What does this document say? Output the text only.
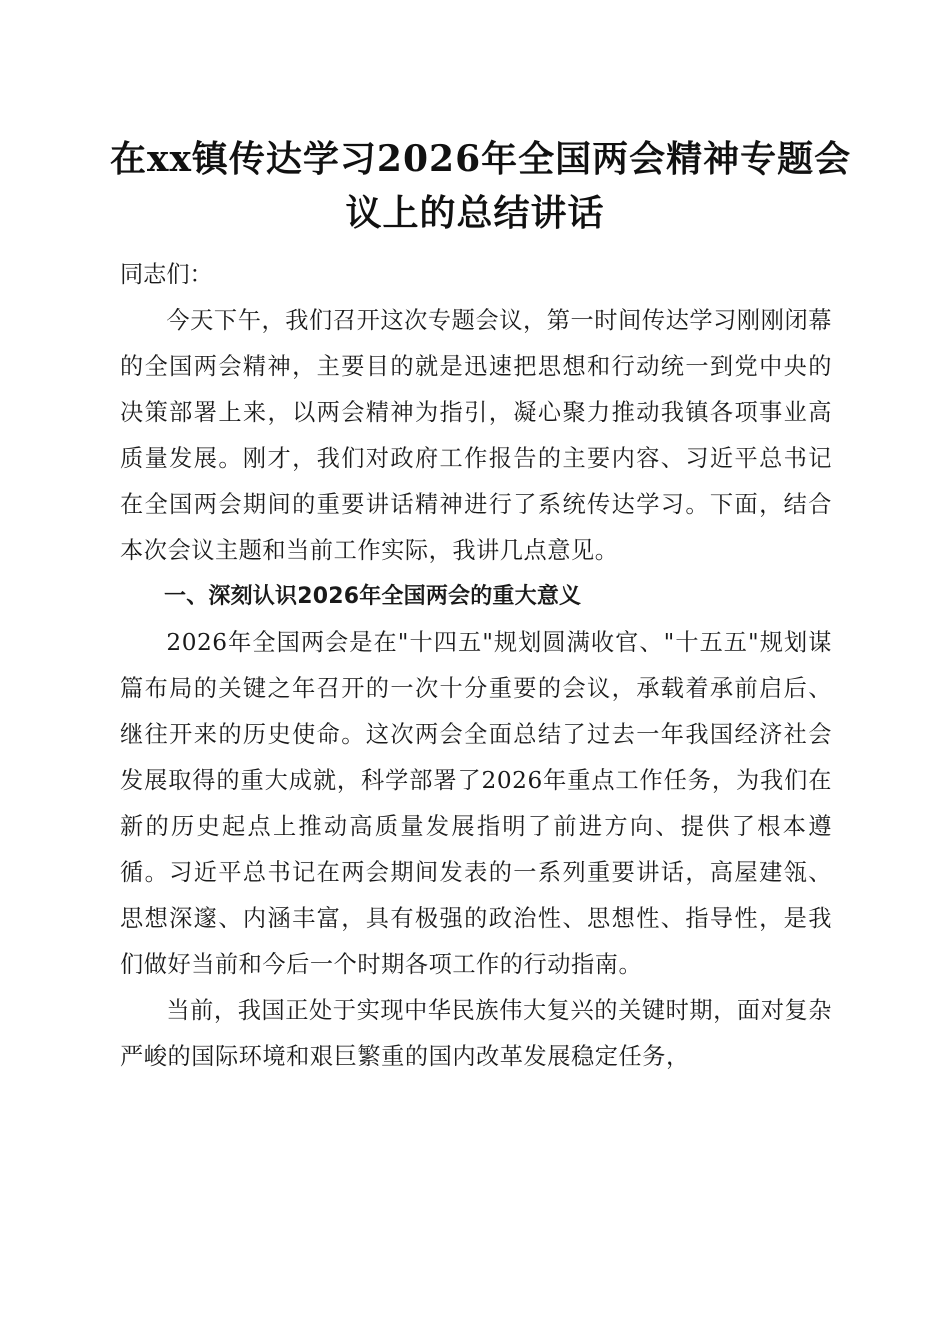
在xx镇传达学习2026年全国两会精神专题会
议上的总结讲话

同志们：

今天下午，我们召开这次专题会议，第一时间传达学习刚刚闭幕的全国两会精神，主要目的就是迅速把思想和行动统一到党中央的决策部署上来，以两会精神为指引，凝心聚力推动我镇各项事业高质量发展。刚才，我们对政府工作报告的主要内容、习近平总书记在全国两会期间的重要讲话精神进行了系统传达学习。下面，结合本次会议主题和当前工作实际，我讲几点意见。

一、深刻认识2026年全国两会的重大意义

2026年全国两会是在"十四五"规划圆满收官、"十五五"规划谋篇布局的关键之年召开的一次十分重要的会议，承载着承前启后、继往开来的历史使命。这次两会全面总结了过去一年我国经济社会发展取得的重大成就，科学部署了2026年重点工作任务，为我们在新的历史起点上推动高质量发展指明了前进方向、提供了根本遵循。习近平总书记在两会期间发表的一系列重要讲话，高屋建瓴、思想深邃、内涵丰富，具有极强的政治性、思想性、指导性，是我们做好当前和今后一个时期各项工作的行动指南。

当前，我国正处于实现中华民族伟大复兴的关键时期，面对复杂严峻的国际环境和艰巨繁重的国内改革发展稳定任务，
